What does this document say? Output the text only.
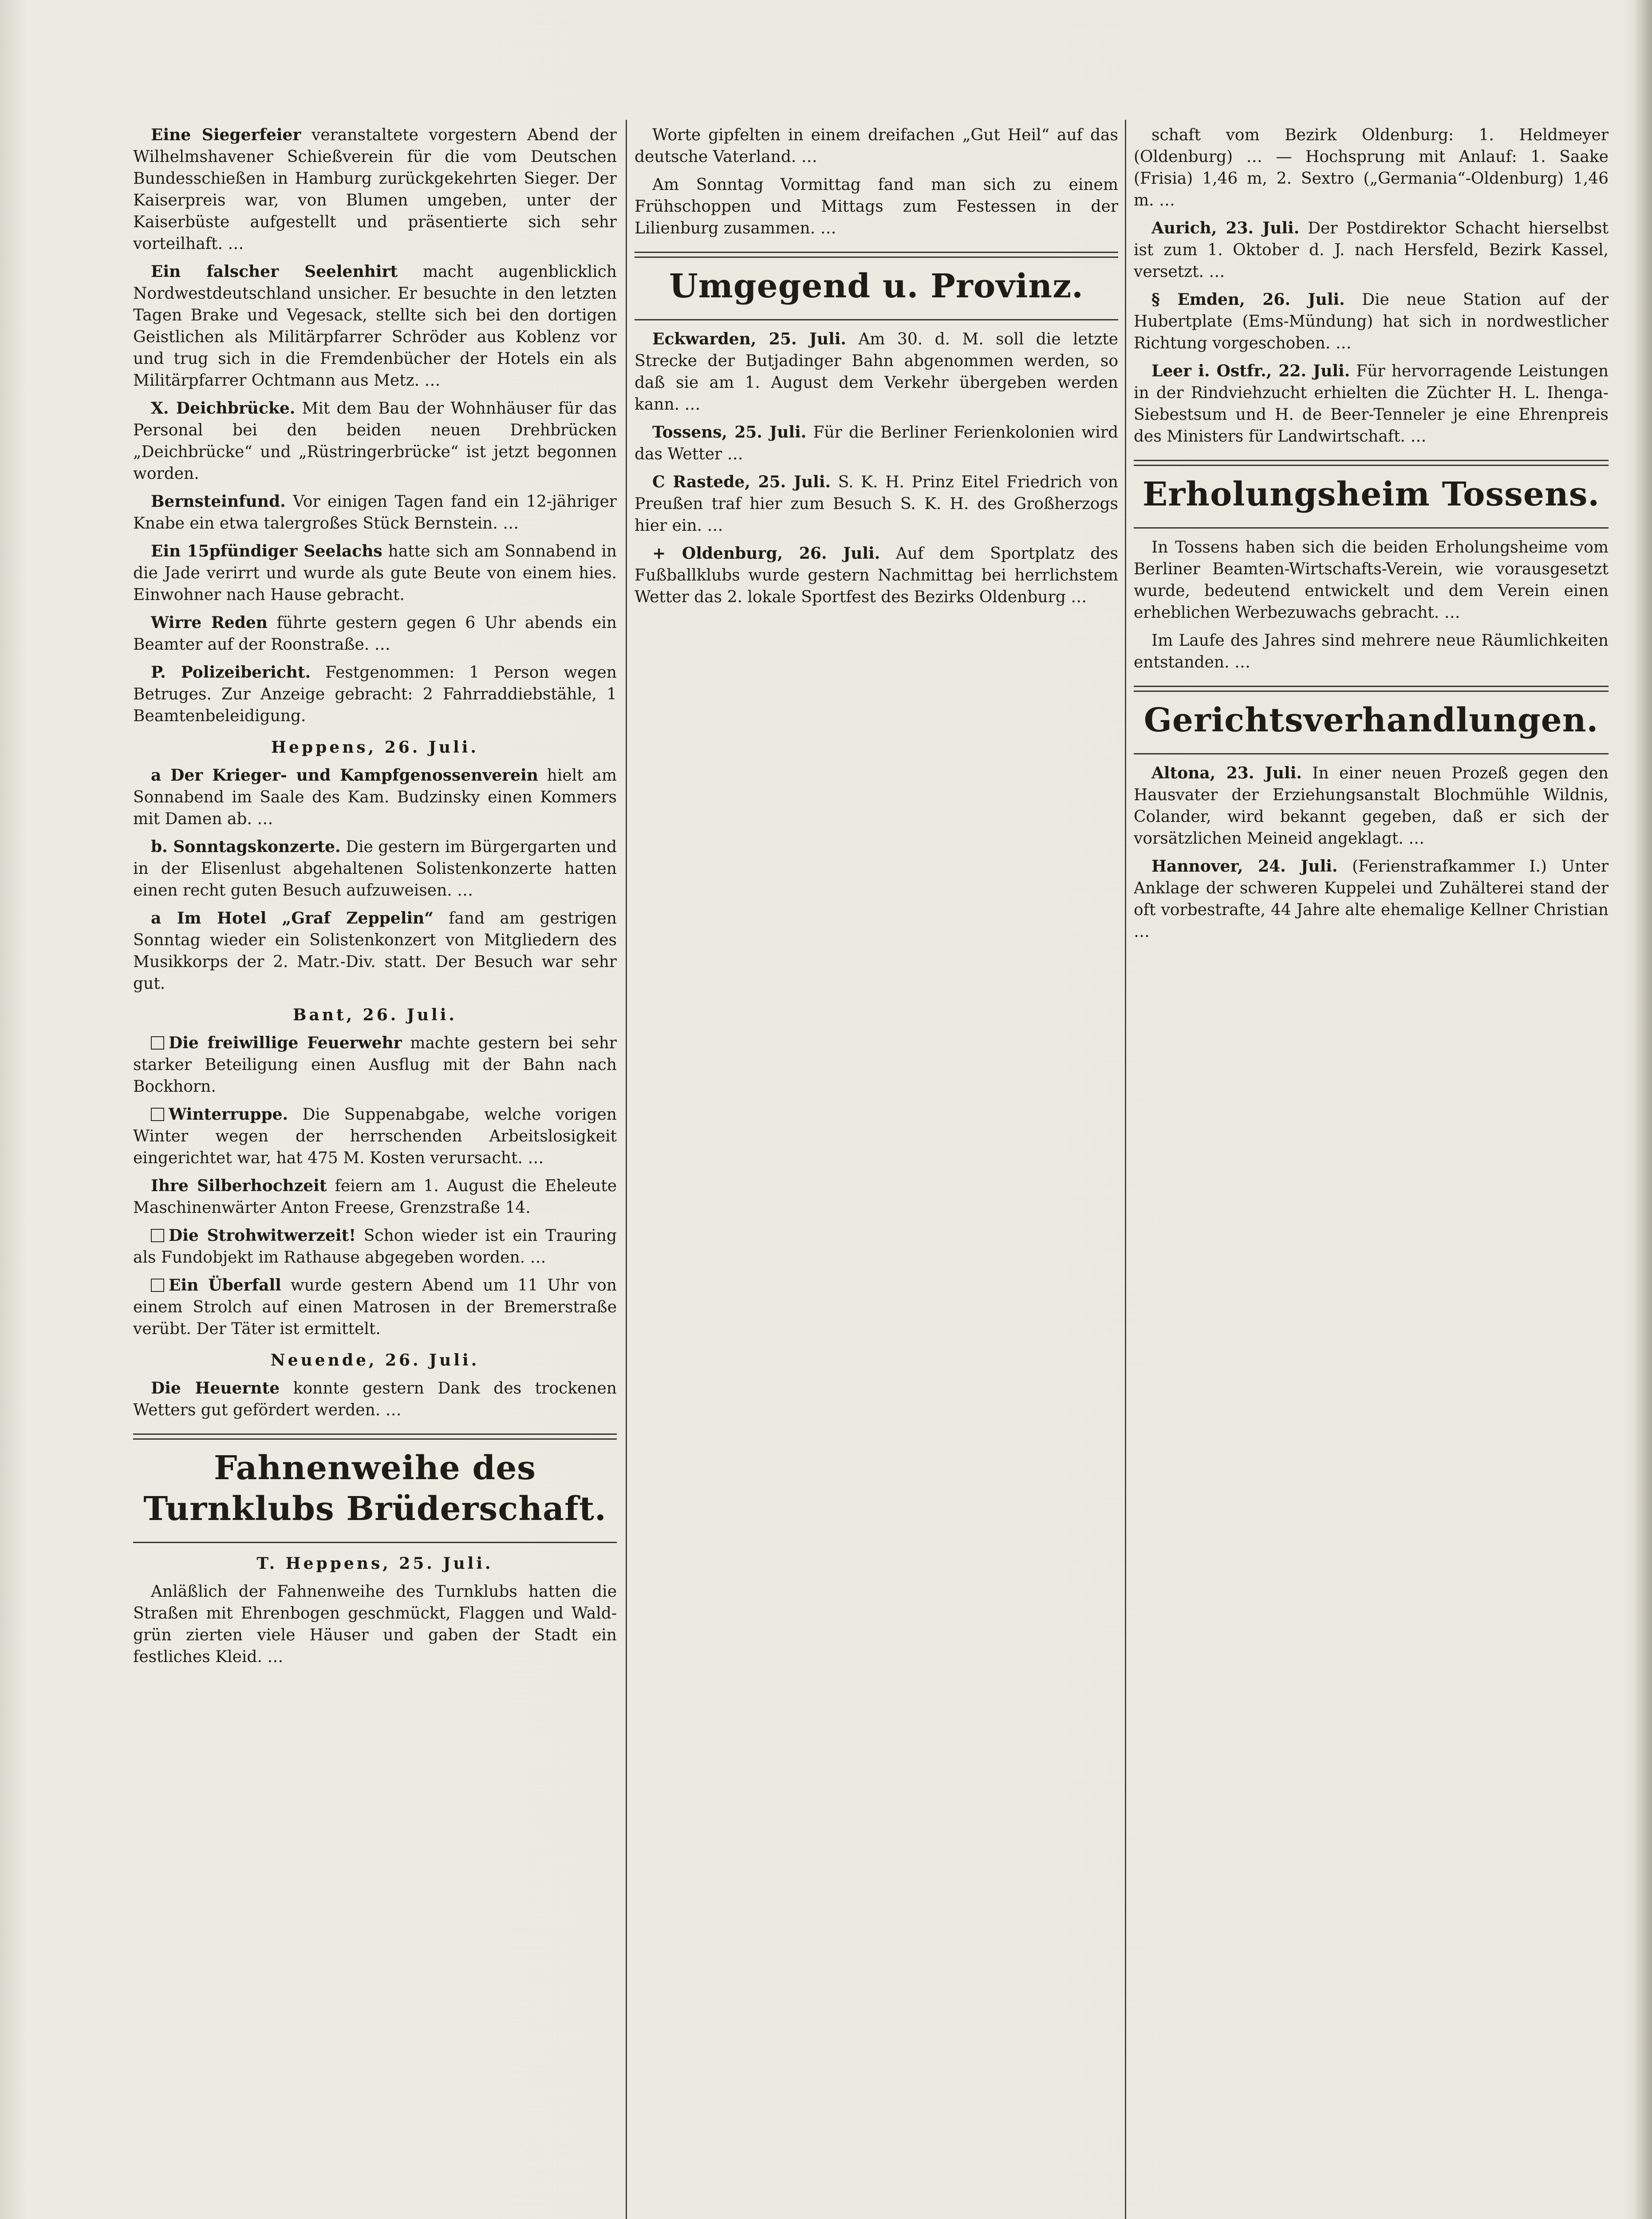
Eine Siegerfeier veranstaltete vorgestern Abend der Wilhelmshavener Schießverein für die vom Deutschen Bundesschießen in Hamburg zurückgekehrten Sieger. Der Kaiserpreis war, von Blumen umgeben, unter der Kaiserbüste aufgestellt und präsentierte sich sehr vorteilhaft. …

Ein falscher Seelenhirt macht augenblicklich Nordwestdeutschland unsicher. Er besuchte in den letzten Tagen Brake und Vegesack, stellte sich bei den dortigen Geistlichen als Militärpfarrer Schröder aus Koblenz vor und trug sich in die Fremdenbücher der Hotels ein als Militärpfarrer Ochtmann aus Metz. …

X. Deichbrücke. Mit dem Bau der Wohnhäuser für das Personal bei den beiden neuen Drehbrücken „Deichbrücke“ und „Rüstringerbrücke“ ist jetzt begonnen worden.

Bernsteinfund. Vor einigen Tagen fand ein 12-jähriger Knabe ein etwa talergroßes Stück Bernstein. …

Ein 15pfündiger Seelachs hatte sich am Sonnabend in die Jade verirrt und wurde als gute Beute von einem hies. Einwohner nach Hause gebracht.

Wirre Reden führte gestern gegen 6 Uhr abends ein Beamter auf der Roonstraße. …

P. Polizeibericht. Festgenommen: 1 Person wegen Betruges. Zur Anzeige gebracht: 2 Fahrraddiebstähle, 1 Beamtenbeleidigung.

Heppens, 26. Juli.

a Der Krieger- und Kampfgenossenverein hielt am Sonnabend im Saale des Kam. Budzinsky einen Kommers mit Damen ab. …

b. Sonntagskonzerte. Die gestern im Bürgergarten und in der Elisenlust abgehaltenen Solistenkonzerte hatten einen recht guten Besuch aufzuweisen. …

a Im Hotel „Graf Zeppelin“ fand am gestrigen Sonntag wieder ein Solistenkonzert von Mitgliedern des Musikkorps der 2. Matr.-Div. statt. Der Besuch war sehr gut.

Bant, 26. Juli.

Die freiwillige Feuerwehr machte gestern bei sehr starker Beteiligung einen Ausflug mit der Bahn nach Bockhorn.

Winterruppe. Die Suppenabgabe, welche vorigen Winter wegen der herrschenden Arbeitslosigkeit eingerichtet war, hat 475 M. Kosten verursacht. …

Ihre Silberhochzeit feiern am 1. August die Eheleute Maschinenwärter Anton Freese, Grenzstraße 14.

Die Strohwitwerzeit! Schon wieder ist ein Trauring als Fundobjekt im Rathause abgegeben worden. …

Ein Überfall wurde gestern Abend um 11 Uhr von einem Strolch auf einen Matrosen in der Bremerstraße verübt. Der Täter ist ermittelt.

Neuende, 26. Juli.

Die Heuernte konnte gestern Dank des trockenen Wetters gut gefördert werden. …

Fahnenweihe des Turnklubs Brüderschaft.

T. Heppens, 25. Juli.

Anläßlich der Fahnenweihe des Turnklubs hatten die Straßen mit Ehrenbogen geschmückt, Flaggen und Wald-grün zierten viele Häuser und gaben der Stadt ein festliches Kleid. …

Worte gipfelten in einem dreifachen „Gut Heil“ auf das deutsche Vaterland. …

Am Sonntag Vormittag fand man sich zu einem Frühschoppen und Mittags zum Festessen in der Lilienburg zusammen. …

Umgegend u. Provinz.

Eckwarden, 25. Juli. Am 30. d. M. soll die letzte Strecke der Butjadinger Bahn abgenommen werden, so daß sie am 1. August dem Verkehr übergeben werden kann. …

Tossens, 25. Juli. Für die Berliner Ferienkolonien wird das Wetter …

C Rastede, 25. Juli. S. K. H. Prinz Eitel Friedrich von Preußen traf hier zum Besuch S. K. H. des Großherzogs hier ein. …

+ Oldenburg, 26. Juli. Auf dem Sportplatz des Fußballklubs wurde gestern Nachmittag bei herrlichstem Wetter das 2. lokale Sportfest des Bezirks Oldenburg …

schaft vom Bezirk Oldenburg: 1. Heldmeyer (Oldenburg) … — Hochsprung mit Anlauf: 1. Saake (Frisia) 1,46 m, 2. Sextro („Germania“-Oldenburg) 1,46 m. …

Aurich, 23. Juli. Der Postdirektor Schacht hierselbst ist zum 1. Oktober d. J. nach Hersfeld, Bezirk Kassel, versetzt. …

§ Emden, 26. Juli. Die neue Station auf der Hubertplate (Ems-Mündung) hat sich in nordwestlicher Richtung vorgeschoben. …

Leer i. Ostfr., 22. Juli. Für hervorragende Leistungen in der Rindviehzucht erhielten die Züchter H. L. Ihenga-Siebestsum und H. de Beer-Tenneler je eine Ehrenpreis des Ministers für Landwirtschaft. …

Erholungsheim Tossens.

In Tossens haben sich die beiden Erholungsheime vom Berliner Beamten-Wirtschafts-Verein, wie vorausgesetzt wurde, bedeutend entwickelt und dem Verein einen erheblichen Werbezuwachs gebracht. …

Im Laufe des Jahres sind mehrere neue Räumlichkeiten entstanden. …

Gerichtsverhandlungen.

Altona, 23. Juli. In einer neuen Prozeß gegen den Hausvater der Erziehungsanstalt Blochmühle Wildnis, Colander, wird bekannt gegeben, daß er sich der vorsätzlichen Meineid angeklagt. …

Hannover, 24. Juli. (Ferienstrafkammer I.) Unter Anklage der schweren Kuppelei und Zuhälterei stand der oft vorbestrafte, 44 Jahre alte ehemalige Kellner Christian …
